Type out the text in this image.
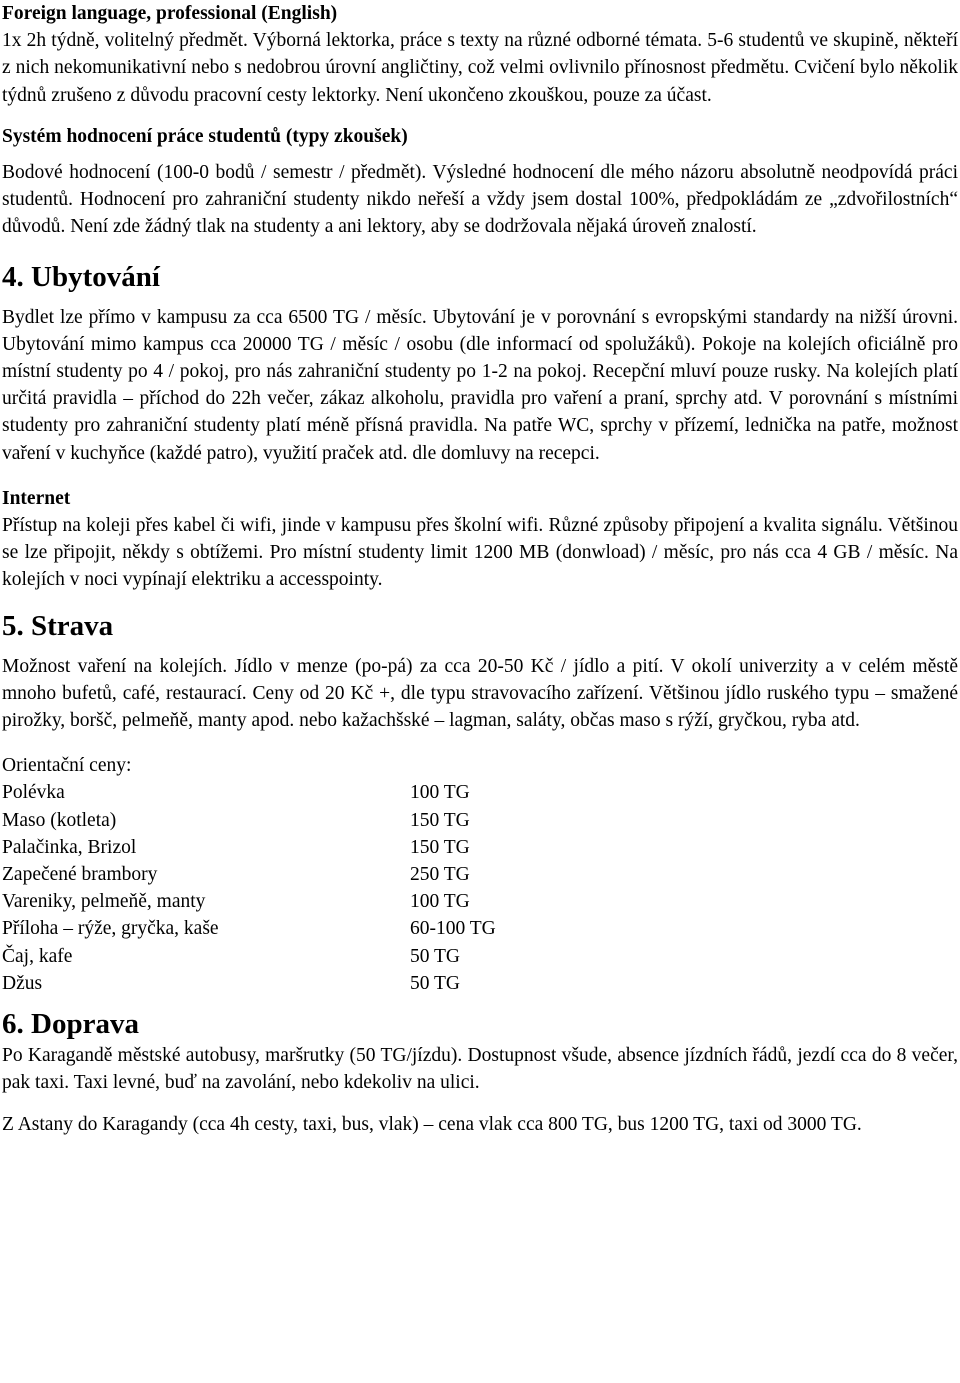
Foreign language, professional (English)

1x 2h týdně, volitelný předmět. Výborná lektorka, práce s texty na různé odborné témata. 5-6 studentů ve skupině, někteří z nich nekomunikativní nebo s nedobrou úrovní angličtiny, což velmi ovlivnilo přínosnost předmětu. Cvičení bylo několik týdnů zrušeno z důvodu pracovní cesty lektorky. Není ukončeno zkouškou, pouze za účast.

Systém hodnocení práce studentů (typy zkoušek)

Bodové hodnocení (100-0 bodů / semestr / předmět). Výsledné hodnocení dle mého názoru absolutně neodpovídá práci studentů. Hodnocení pro zahraniční studenty nikdo neřeší a vždy jsem dostal 100%, předpokládám ze „zdvořilostních“ důvodů. Není zde žádný tlak na studenty a ani lektory, aby se dodržovala nějaká úroveň znalostí.

4. Ubytování

Bydlet lze přímo v kampusu za cca 6500 TG / měsíc. Ubytování je v porovnání s evropskými standardy na nižší úrovni. Ubytování mimo kampus cca 20000 TG / měsíc / osobu (dle informací od spolužáků). Pokoje na kolejích oficiálně pro místní studenty po 4 / pokoj, pro nás zahraniční studenty po 1-2 na pokoj. Recepční mluví pouze rusky. Na kolejích platí určitá pravidla – příchod do 22h večer, zákaz alkoholu, pravidla pro vaření a praní, sprchy atd. V porovnání s místními studenty pro zahraniční studenty platí méně přísná pravidla. Na patře WC, sprchy v přízemí, lednička na patře, možnost vaření v kuchyňce (každé patro), využití praček atd. dle domluvy na recepci.

Internet

Přístup na koleji přes kabel či wifi, jinde v kampusu přes školní wifi. Různé způsoby připojení a kvalita signálu. Většinou se lze připojit, někdy s obtížemi. Pro místní studenty limit 1200 MB (donwload) / měsíc, pro nás cca 4 GB / měsíc. Na kolejích v noci vypínají elektriku a accesspointy.

5. Strava

Možnost vaření na kolejích. Jídlo v menze (po-pá) za cca 20-50 Kč / jídlo a pití. V okolí univerzity a v celém městě mnoho bufetů, café, restaurací. Ceny od 20 Kč +, dle typu stravovacího zařízení. Většinou jídlo ruského typu – smažené pirožky, boršč, pelmeňě, manty apod. nebo kažachšské – lagman, saláty, občas maso s rýží, gryčkou, ryba atd.

Orientační ceny:

Polévka	100 TG
Maso (kotleta)	150 TG
Palačinka, Brizol	150 TG
Zapečené brambory	250 TG
Vareniky, pelmeňě, manty	100 TG
Příloha – rýže, gryčka, kaše	60-100 TG
Čaj, kafe	50 TG
Džus	50 TG

6. Doprava

Po Karagandě městské autobusy, maršrutky (50 TG/jízdu). Dostupnost všude, absence jízdních řádů, jezdí cca do 8 večer, pak taxi. Taxi levné, buď na zavolání, nebo kdekoliv na ulici.

Z Astany do Karagandy (cca 4h cesty, taxi, bus, vlak) – cena vlak cca 800 TG, bus 1200 TG, taxi od 3000 TG.
